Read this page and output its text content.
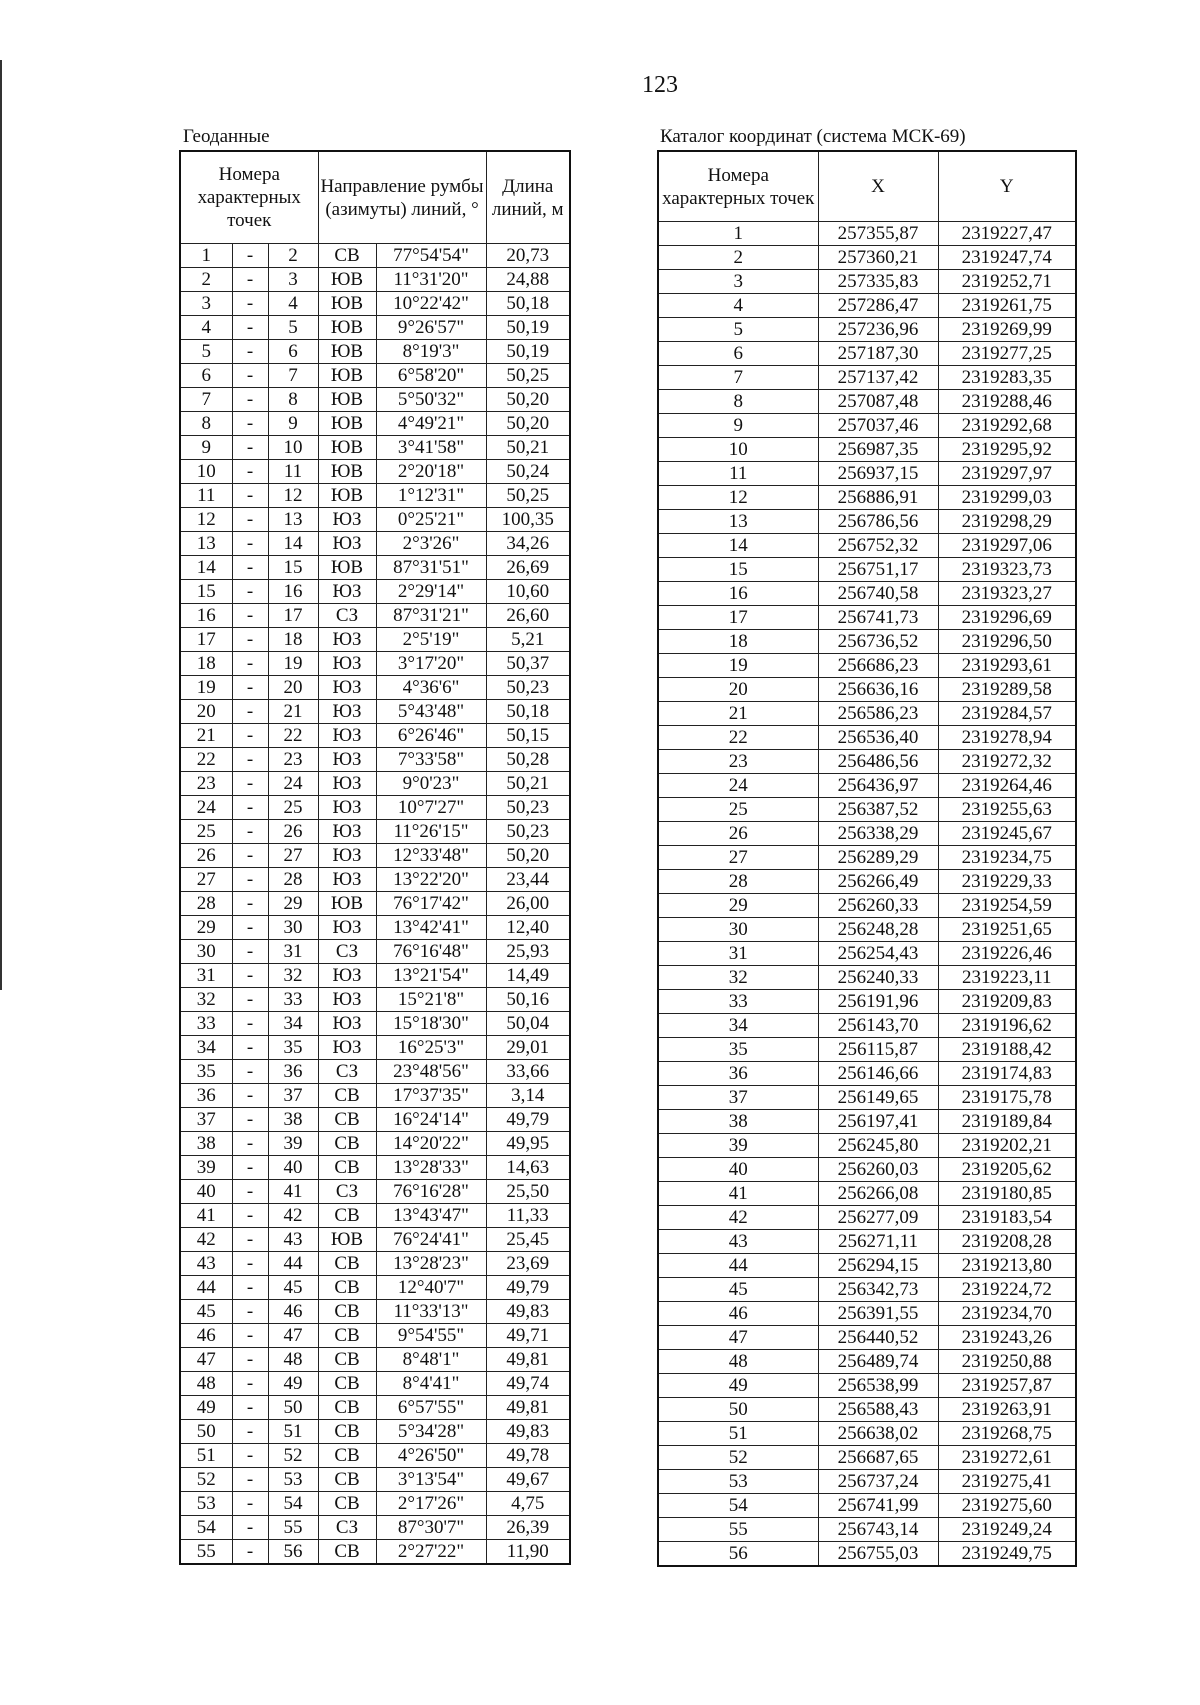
123
Геоданные	Каталог координат (система МСК-69)
Номера характерных точек			Направление румбы (азимуты) линий, °		Длина линий, м
1	-	2	СВ	77°54'54"	20,73
2	-	3	ЮВ	11°31'20"	24,88
3	-	4	ЮВ	10°22'42"	50,18
4	-	5	ЮВ	9°26'57"	50,19
5	-	6	ЮВ	8°19'3"	50,19
6	-	7	ЮВ	6°58'20"	50,25
7	-	8	ЮВ	5°50'32"	50,20
8	-	9	ЮВ	4°49'21"	50,20
9	-	10	ЮВ	3°41'58"	50,21
10	-	11	ЮВ	2°20'18"	50,24
11	-	12	ЮВ	1°12'31"	50,25
12	-	13	ЮЗ	0°25'21"	100,35
13	-	14	ЮЗ	2°3'26"	34,26
14	-	15	ЮВ	87°31'51"	26,69
15	-	16	ЮЗ	2°29'14"	10,60
16	-	17	СЗ	87°31'21"	26,60
17	-	18	ЮЗ	2°5'19"	5,21
18	-	19	ЮЗ	3°17'20"	50,37
19	-	20	ЮЗ	4°36'6"	50,23
20	-	21	ЮЗ	5°43'48"	50,18
21	-	22	ЮЗ	6°26'46"	50,15
22	-	23	ЮЗ	7°33'58"	50,28
23	-	24	ЮЗ	9°0'23"	50,21
24	-	25	ЮЗ	10°7'27"	50,23
25	-	26	ЮЗ	11°26'15"	50,23
26	-	27	ЮЗ	12°33'48"	50,20
27	-	28	ЮЗ	13°22'20"	23,44
28	-	29	ЮВ	76°17'42"	26,00
29	-	30	ЮЗ	13°42'41"	12,40
30	-	31	СЗ	76°16'48"	25,93
31	-	32	ЮЗ	13°21'54"	14,49
32	-	33	ЮЗ	15°21'8"	50,16
33	-	34	ЮЗ	15°18'30"	50,04
34	-	35	ЮЗ	16°25'3"	29,01
35	-	36	СЗ	23°48'56"	33,66
36	-	37	СВ	17°37'35"	3,14
37	-	38	СВ	16°24'14"	49,79
38	-	39	СВ	14°20'22"	49,95
39	-	40	СВ	13°28'33"	14,63
40	-	41	СЗ	76°16'28"	25,50
41	-	42	СВ	13°43'47"	11,33
42	-	43	ЮВ	76°24'41"	25,45
43	-	44	СВ	13°28'23"	23,69
44	-	45	СВ	12°40'7"	49,79
45	-	46	СВ	11°33'13"	49,83
46	-	47	СВ	9°54'55"	49,71
47	-	48	СВ	8°48'1"	49,81
48	-	49	СВ	8°4'41"	49,74
49	-	50	СВ	6°57'55"	49,81
50	-	51	СВ	5°34'28"	49,83
51	-	52	СВ	4°26'50"	49,78
52	-	53	СВ	3°13'54"	49,67
53	-	54	СВ	2°17'26"	4,75
54	-	55	СЗ	87°30'7"	26,39
55	-	56	СВ	2°27'22"	11,90
Номера характерных точек	X	Y
1	257355,87	2319227,47
2	257360,21	2319247,74
3	257335,83	2319252,71
4	257286,47	2319261,75
5	257236,96	2319269,99
6	257187,30	2319277,25
7	257137,42	2319283,35
8	257087,48	2319288,46
9	257037,46	2319292,68
10	256987,35	2319295,92
11	256937,15	2319297,97
12	256886,91	2319299,03
13	256786,56	2319298,29
14	256752,32	2319297,06
15	256751,17	2319323,73
16	256740,58	2319323,27
17	256741,73	2319296,69
18	256736,52	2319296,50
19	256686,23	2319293,61
20	256636,16	2319289,58
21	256586,23	2319284,57
22	256536,40	2319278,94
23	256486,56	2319272,32
24	256436,97	2319264,46
25	256387,52	2319255,63
26	256338,29	2319245,67
27	256289,29	2319234,75
28	256266,49	2319229,33
29	256260,33	2319254,59
30	256248,28	2319251,65
31	256254,43	2319226,46
32	256240,33	2319223,11
33	256191,96	2319209,83
34	256143,70	2319196,62
35	256115,87	2319188,42
36	256146,66	2319174,83
37	256149,65	2319175,78
38	256197,41	2319189,84
39	256245,80	2319202,21
40	256260,03	2319205,62
41	256266,08	2319180,85
42	256277,09	2319183,54
43	256271,11	2319208,28
44	256294,15	2319213,80
45	256342,73	2319224,72
46	256391,55	2319234,70
47	256440,52	2319243,26
48	256489,74	2319250,88
49	256538,99	2319257,87
50	256588,43	2319263,91
51	256638,02	2319268,75
52	256687,65	2319272,61
53	256737,24	2319275,41
54	256741,99	2319275,60
55	256743,14	2319249,24
56	256755,03	2319249,75
